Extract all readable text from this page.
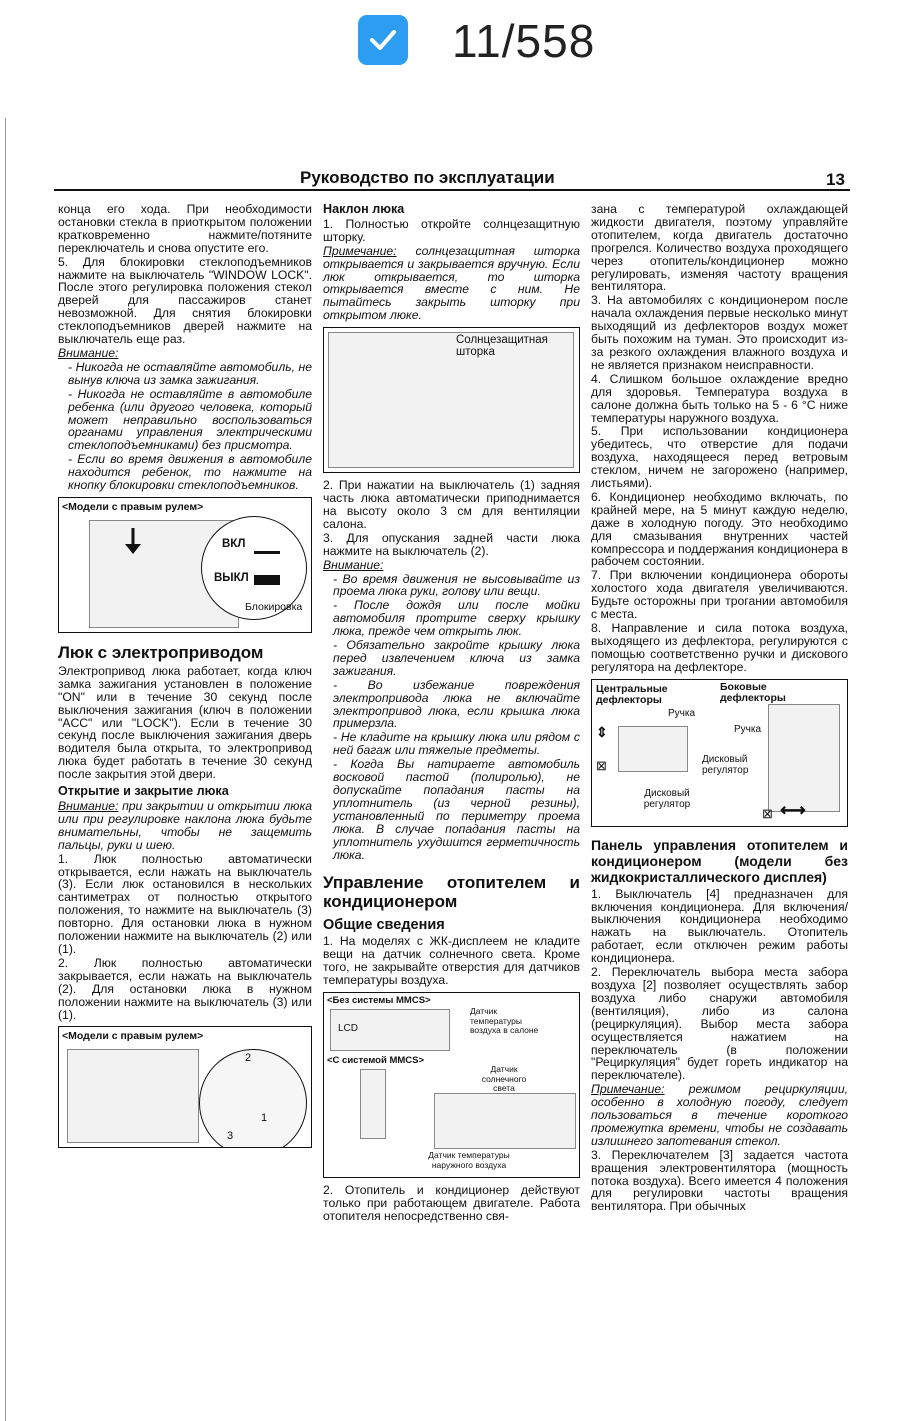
11/558
Руководство по эксплуатации	13

конца его хода. При необходимости остановки стекла в приоткрытом положении кратковременно нажмите/потяните переключатель и снова опустите его.

5. Для блокировки стеклоподъемников нажмите на выключатель "WINDOW LOCK". После этого регулировка положения стекол дверей для пассажиров станет невозможной. Для снятия блокировки стеклоподъемников дверей нажмите на выключатель еще раз.

Внимание:

- Никогда не оставляйте автомобиль, не вынув ключа из замка зажигания.

- Никогда не оставляйте в автомобиле ребенка (или другого человека, который может неправильно воспользоваться органами управления электрическими стеклоподъемниками) без присмотра.

- Если во время движения в автомобиле находится ребенок, то нажмите на кнопку блокировки стеклоподъемников.

<Модели с правым рулем>
ВКЛ
ВЫКЛ
Блокировка
Люк с электроприводом

Электропривод люка работает, когда ключ замка зажигания установлен в положение "ON" или в течение 30 секунд после выключения зажигания (ключ в положении "ACC" или "LOCK"). Если в течение 30 секунд после выключения зажигания дверь водителя была открыта, то электропривод люка будет работать в течение 30 секунд после закрытия этой двери.

Открытие и закрытие люка

Внимание: при закрытии и открытии люка или при регулировке наклона люка будьте внимательны, чтобы не защемить пальцы, руки и шею.

1. Люк полностью автоматически открывается, если нажать на выключатель (3). Если люк остановился в нескольких сантиметрах от полностью открытого положения, то нажмите на выключатель (3) повторно. Для остановки люка в нужном положении нажмите на выключатель (2) или (1).

2. Люк полностью автоматически закрывается, если нажать на выключатель (2). Для остановки люка в нужном положении нажмите на выключатель (3) или (1).

<Модели с правым рулем>
2
1
3
Наклон люка

1. Полностью откройте солнцезащитную шторку.

Примечание: солнцезащитная шторка открывается и закрывается вручную. Если люк открывается, то шторка открывается вместе с ним. Не пытайтесь закрыть шторку при открытом люке.

Солнцезащитная шторка

2. При нажатии на выключатель (1) задняя часть люка автоматически приподнимается на высоту около 3 см для вентиляции салона.

3. Для опускания задней части люка нажмите на выключатель (2).

Внимание:

- Во время движения не высовывайте из проема люка руки, голову или вещи.

- После дождя или после мойки автомобиля протрите сверху крышку люка, прежде чем открыть люк.

- Обязательно закройте крышку люка перед извлечением ключа из замка зажигания.

- Во избежание повреждения электропривода люка не включайте электропривод люка, если крышка люка примерзла.

- Не кладите на крышку люка или рядом с ней багаж или тяжелые предметы.

- Когда Вы натираете автомобиль восковой пастой (полиролью), не допускайте попадания пасты на уплотнитель (из черной резины), установленный по периметру проема люка. В случае попадания пасты на уплотнитель ухудшится герметичность люка.

Управление отопителем и кондиционером
Общие сведения

1. На моделях с ЖК-дисплеем не кладите вещи на датчик солнечного света. Кроме того, не закрывайте отверстия для датчиков температуры воздуха.

<Без системы MMCS>
LCD
Датчик температуры воздуха в салоне
<С системой MMCS>
Датчик солнечного света
Датчик температуры наружного воздуха

2. Отопитель и кондиционер действуют только при работающем двигателе. Работа отопителя непосредственно свя-

зана с температурой охлаждающей жидкости двигателя, поэтому управляйте отопителем, когда двигатель достаточно прогрелся. Количество воздуха проходящего через отопитель/кондиционер можно регулировать, изменяя частоту вращения вентилятора.

3. На автомобилях с кондиционером после начала охлаждения первые несколько минут выходящий из дефлекторов воздух может быть похожим на туман. Это происходит из-за резкого охлаждения влажного воздуха и не является признаком неисправности.

4. Слишком большое охлаждение вредно для здоровья. Температура воздуха в салоне должна быть только на 5 - 6 °С ниже температуры наружного воздуха.

5. При использовании кондиционера убедитесь, что отверстие для подачи воздуха, находящееся перед ветровым стеклом, ничем не загорожено (например, листьями).

6. Кондиционер необходимо включать, по крайней мере, на 5 минут каждую неделю, даже в холодную погоду. Это необходимо для смазывания внутренних частей компрессора и поддержания кондиционера в рабочем состоянии.

7. При включении кондиционера обороты холостого хода двигателя увеличиваются. Будьте осторожны при трогании автомобиля с места.

8. Направление и сила потока воздуха, выходящего из дефлектора, регулируются с помощью соответственно ручки и дискового регулятора на дефлекторе.

Центральные дефлекторы
Боковые дефлекторы
Ручка
Дисковый регулятор
Ручка
Дисковый регулятор
⇕
⊠
⊠ ⟷
Панель управления отопителем и кондиционером (модели без жидкокристаллического дисплея)

1. Выключатель [4] предназначен для включения кондиционера. Для включения/выключения кондиционера необходимо нажать на выключатель. Отопитель работает, если отключен режим работы кондиционера.

2. Переключатель выбора места забора воздуха [2] позволяет осуществлять забор воздуха либо снаружи автомобиля (вентиляция), либо из салона (рециркуляция). Выбор места забора осуществляется нажатием на переключатель (в положении "Рециркуляция" будет гореть индикатор на переключателе).

Примечание: режимом рециркуляции, особенно в холодную погоду, следует пользоваться в течение короткого промежутка времени, чтобы не создавать излишнего запотевания стекол.

3. Переключателем [3] задается частота вращения электровентилятора (мощность потока воздуха). Всего имеется 4 положения для регулировки частоты вращения вентилятора. При обычных
